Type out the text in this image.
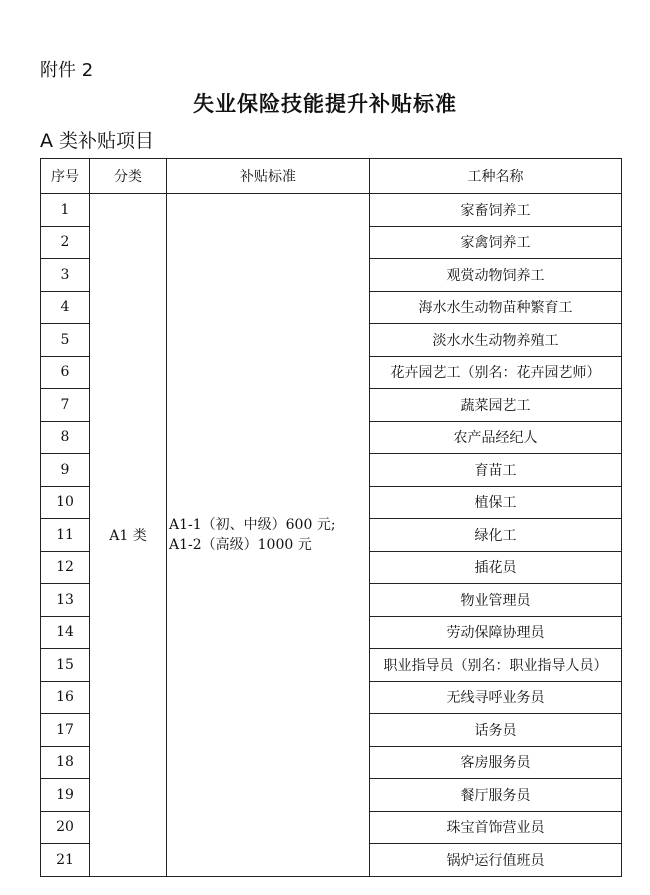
附件 2
失业保险技能提升补贴标准
A 类补贴项目
序号	分类	补贴标准	工种名称
1	A1 类	A1-1（初、中级）600 元;
A1-2（高级）1000 元	家畜饲养工
2			家禽饲养工
3			观赏动物饲养工
4			海水水生动物苗种繁育工
5			淡水水生动物养殖工
6			花卉园艺工（别名：花卉园艺师）
7			蔬菜园艺工
8			农产品经纪人
9			育苗工
10			植保工
11			绿化工
12			插花员
13			物业管理员
14			劳动保障协理员
15			职业指导员（别名：职业指导人员）
16			无线寻呼业务员
17			话务员
18			客房服务员
19			餐厅服务员
20			珠宝首饰营业员
21			锅炉运行值班员
